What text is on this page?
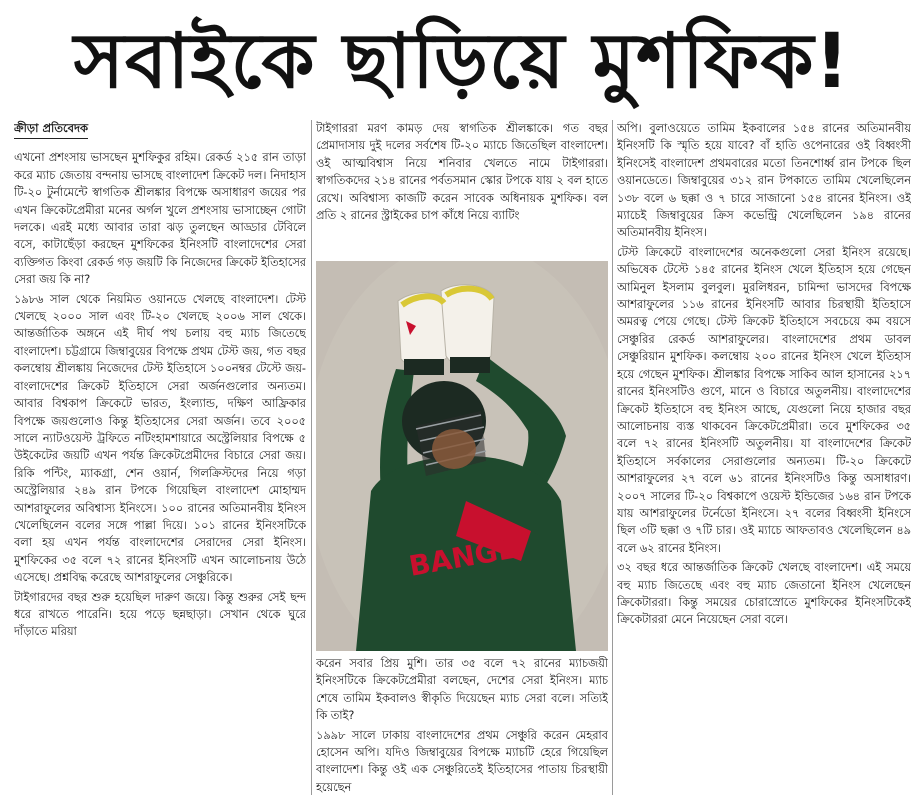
সবাইকে ছাড়িয়ে মুশফিক!
ক্রীড়া প্রতিবেদক

এখনো প্রশংসায় ভাসছেন মুশফিকুর রহিম। রেকর্ড ২১৫ রান তাড়া করে ম্যাচ জেতায় বন্দনায় ভাসছে বাংলাদেশ ক্রিকেট দল। নিদাহাস টি-২০ টুর্নামেন্টে স্বাগতিক শ্রীলঙ্কার বিপক্ষে অসাধারণ জয়ের পর এখন ক্রিকেটপ্রেমীরা মনের অর্গল খুলে প্রশংসায় ভাসাচ্ছেন গোটা দলকে। এরই মধ্যে আবার তারা ঝড় তুলছেন আড্ডার টেবিলে বসে, কাটাছেঁড়া করছেন মুশফিকের ইনিংসটি বাংলাদেশের সেরা ব্যক্তিগত কিংবা রেকর্ড গড় জয়টি কি নিজেদের ক্রিকেট ইতিহাসের সেরা জয় কি না?

১৯৮৬ সাল থেকে নিয়মিত ওয়ানডে খেলছে বাংলাদেশ। টেস্ট খেলছে ২০০০ সাল এবং টি-২০ খেলছে ২০০৬ সাল থেকে। আন্তর্জাতিক অঙ্গনে এই দীর্ঘ পথ চলায় বহু ম্যাচ জিতেছে বাংলাদেশ। চট্টগ্রামে জিম্বাবুয়ের বিপক্ষে প্রথম টেস্ট জয়, গত বছর কলম্বোয় শ্রীলঙ্কায় নিজেদের টেস্ট ইতিহাসে ১০০নম্বর টেস্টে জয়-বাংলাদেশের ক্রিকেট ইতিহাসে সেরা অর্জনগুলোর অন্যতম। আবার বিশ্বকাপ ক্রিকেটে ভারত, ইংল্যান্ড, দক্ষিণ আফ্রিকার বিপক্ষে জয়গুলোও কিন্তু ইতিহাসের সেরা অর্জন। তবে ২০০৫ সালে ন্যাটওয়েস্ট ট্রফিতে নটিংহামশায়ারে অস্ট্রেলিয়ার বিপক্ষে ৫ উইকেটের জয়টি এখন পর্যন্ত ক্রিকেটপ্রেমীদের বিচারে সেরা জয়। রিকি পন্টিং, ম্যাকগ্রা, শেন ওয়ার্ন, গিলক্রিস্টদের নিয়ে গড়া অস্ট্রেলিয়ার ২৪৯ রান টপকে গিয়েছিল বাংলাদেশ মোহাম্মদ আশরাফুলের অবিশ্বাস্য ইনিংসে। ১০০ রানের অতিমানবীয় ইনিংস খেলেছিলেন বলের সঙ্গে পাল্লা দিয়ে। ১০১ রানের ইনিংসটিকে বলা হয় এখন পর্যন্ত বাংলাদেশের সেরাদের সেরা ইনিংস। মুশফিকের ৩৫ বলে ৭২ রানের ইনিংসটি এখন আলোচনায় উঠে এসেছে। প্রশ্নবিদ্ধ করেছে আশরাফুলের সেঞ্চুরিকে।

টাইগারদের বছর শুরু হয়েছিল দারুণ জয়ে। কিন্তু শুরুর সেই ছন্দ ধরে রাখতে পারেনি। হয়ে পড়ে ছন্নছাড়া। সেখান থেকে ঘুরে দাঁড়াতে মরিয়া

টাইগাররা মরণ কামড় দেয় স্বাগতিক শ্রীলঙ্কাকে। গত বছর প্রেমাদাসায় দুই দলের সর্বশেষ টি-২০ ম্যাচে জিতেছিল বাংলাদেশ। ওই আত্মবিশ্বাস নিয়ে শনিবার খেলতে নামে টাইগাররা। স্বাগতিকদের ২১৪ রানের পর্বতসমান স্কোর টপকে যায় ২ বল হাতে রেখে। অবিশ্বাস্য কাজটি করেন সাবেক অধিনায়ক মুশফিক। বল প্রতি ২ রানের স্ট্রাইকের চাপ কাঁধে নিয়ে ব্যাটিং

BANGL

করেন সবার প্রিয় মুশি। তার ৩৫ বলে ৭২ রানের ম্যাচজয়ী ইনিংসটিকে ক্রিকেটপ্রেমীরা বলছেন, দেশের সেরা ইনিংস। ম্যাচ শেষে তামিম ইকবালও স্বীকৃতি দিয়েছেন ম্যাচ সেরা বলে। সত্যিই কি তাই?

১৯৯৮ সালে ঢাকায় বাংলাদেশের প্রথম সেঞ্চুরি করেন মেহরাব হোসেন অপি। যদিও জিম্বাবুয়ের বিপক্ষে ম্যাচটি হেরে গিয়েছিল বাংলাদেশ। কিন্তু ওই এক সেঞ্চুরিতেই ইতিহাসের পাতায় চিরস্থায়ী হয়েছেন

অপি। বুলাওয়েতে তামিম ইকবালের ১৫৪ রানের অতিমানবীয় ইনিংসটি কি স্মৃতি হয়ে যাবে? বাঁ হাতি ওপেনারের ওই বিধ্বংসী ইনিংসেই বাংলাদেশ প্রথমবারের মতো তিনশোর্ধ্ব রান টপকে ছিল ওয়ানডেতে। জিম্বাবুয়ের ৩১২ রান টপকাতে তামিম খেলেছিলেন ১৩৮ বলে ৬ ছক্কা ও ৭ চারে সাজানো ১৫৪ রানের ইনিংস। ওই ম্যাচেই জিম্বাবুয়ের ক্রিস কভেন্ট্রি খেলেছিলেন ১৯৪ রানের অতিমানবীয় ইনিংস।

টেস্ট ক্রিকেটে বাংলাদেশের অনেকগুলো সেরা ইনিংস রয়েছে। অভিষেক টেস্টে ১৪৫ রানের ইনিংস খেলে ইতিহাস হয়ে গেছেন আমিনুল ইসলাম বুলবুল। মুরলিধরন, চামিন্দা ভাসদের বিপক্ষে আশরাফুলের ১১৬ রানের ইনিংসটি আবার চিরস্থায়ী ইতিহাসে অমরত্ব পেয়ে গেছে। টেস্ট ক্রিকেট ইতিহাসে সবচেয়ে কম বয়সে সেঞ্চুরির রেকর্ড আশরাফুলের। বাংলাদেশের প্রথম ডাবল সেঞ্চুরিয়ান মুশফিক। কলম্বোয় ২০০ রানের ইনিংস খেলে ইতিহাস হয়ে গেছেন মুশফিক। শ্রীলঙ্কার বিপক্ষে সাকিব আল হাসানের ২১৭ রানের ইনিংসটিও গুণে, মানে ও বিচারে অতুলনীয়। বাংলাদেশের ক্রিকেট ইতিহাসে বহু ইনিংস আছে, যেগুলো নিয়ে হাজার বছর আলোচনায় ব্যস্ত থাকবেন ক্রিকেটপ্রেমীরা। তবে মুশফিকের ৩৫ বলে ৭২ রানের ইনিংসটি অতুলনীয়। যা বাংলাদেশের ক্রিকেট ইতিহাসে সর্বকালের সেরাগুলোর অন্যতম। টি-২০ ক্রিকেটে আশরাফুলের ২৭ বলে ৬১ রানের ইনিংসটিও কিন্তু অসাধারণ। ২০০৭ সালের টি-২০ বিশ্বকাপে ওয়েস্ট ইন্ডিজের ১৬৪ রান টপকে যায় আশরাফুলের টর্নেডো ইনিংসে। ২৭ বলের বিধ্বংসী ইনিংসে ছিল ৩টি ছক্কা ও ৭টি চার। ওই ম্যাচে আফতাবও খেলেছিলেন ৪৯ বলে ৬২ রানের ইনিংস।

৩২ বছর ধরে আন্তর্জাতিক ক্রিকেট খেলছে বাংলাদেশ। এই সময়ে বহু ম্যাচ জিতেছে এবং বহু ম্যাচ জেতানো ইনিংস খেলেছেন ক্রিকেটাররা। কিন্তু সময়ের চোরাস্রোতে মুশফিকের ইনিংসটিকেই ক্রিকেটাররা মেনে নিয়েছেন সেরা বলে।
